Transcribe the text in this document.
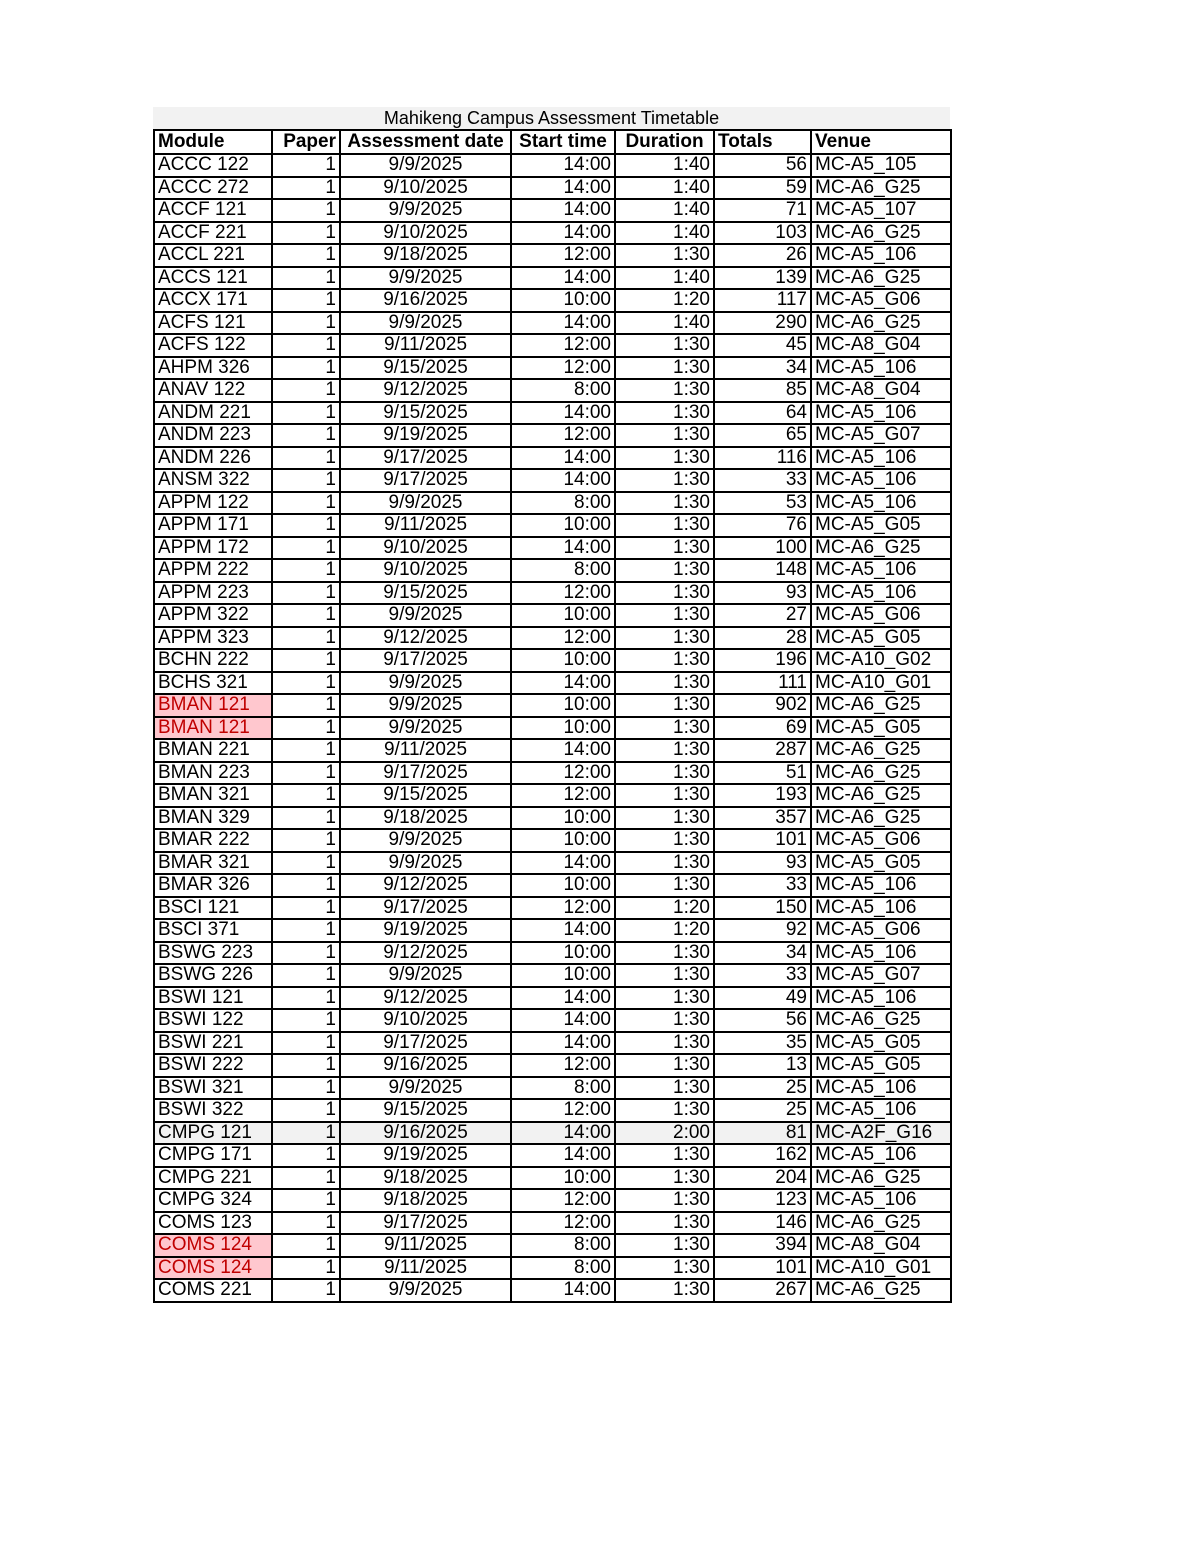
Mahikeng Campus Assessment Timetable
Module	Paper	Assessment date	Start time	Duration	Totals	Venue
ACCC 122	1	9/9/2025	14:00	1:40	56	MC-A5_105
ACCC 272	1	9/10/2025	14:00	1:40	59	MC-A6_G25
ACCF 121	1	9/9/2025	14:00	1:40	71	MC-A5_107
ACCF 221	1	9/10/2025	14:00	1:40	103	MC-A6_G25
ACCL 221	1	9/18/2025	12:00	1:30	26	MC-A5_106
ACCS 121	1	9/9/2025	14:00	1:40	139	MC-A6_G25
ACCX 171	1	9/16/2025	10:00	1:20	117	MC-A5_G06
ACFS 121	1	9/9/2025	14:00	1:40	290	MC-A6_G25
ACFS 122	1	9/11/2025	12:00	1:30	45	MC-A8_G04
AHPM 326	1	9/15/2025	12:00	1:30	34	MC-A5_106
ANAV 122	1	9/12/2025	8:00	1:30	85	MC-A8_G04
ANDM 221	1	9/15/2025	14:00	1:30	64	MC-A5_106
ANDM 223	1	9/19/2025	12:00	1:30	65	MC-A5_G07
ANDM 226	1	9/17/2025	14:00	1:30	116	MC-A5_106
ANSM 322	1	9/17/2025	14:00	1:30	33	MC-A5_106
APPM 122	1	9/9/2025	8:00	1:30	53	MC-A5_106
APPM 171	1	9/11/2025	10:00	1:30	76	MC-A5_G05
APPM 172	1	9/10/2025	14:00	1:30	100	MC-A6_G25
APPM 222	1	9/10/2025	8:00	1:30	148	MC-A5_106
APPM 223	1	9/15/2025	12:00	1:30	93	MC-A5_106
APPM 322	1	9/9/2025	10:00	1:30	27	MC-A5_G06
APPM 323	1	9/12/2025	12:00	1:30	28	MC-A5_G05
BCHN 222	1	9/17/2025	10:00	1:30	196	MC-A10_G02
BCHS 321	1	9/9/2025	14:00	1:30	111	MC-A10_G01
BMAN 121	1	9/9/2025	10:00	1:30	902	MC-A6_G25
BMAN 121	1	9/9/2025	10:00	1:30	69	MC-A5_G05
BMAN 221	1	9/11/2025	14:00	1:30	287	MC-A6_G25
BMAN 223	1	9/17/2025	12:00	1:30	51	MC-A6_G25
BMAN 321	1	9/15/2025	12:00	1:30	193	MC-A6_G25
BMAN 329	1	9/18/2025	10:00	1:30	357	MC-A6_G25
BMAR 222	1	9/9/2025	10:00	1:30	101	MC-A5_G06
BMAR 321	1	9/9/2025	14:00	1:30	93	MC-A5_G05
BMAR 326	1	9/12/2025	10:00	1:30	33	MC-A5_106
BSCI 121	1	9/17/2025	12:00	1:20	150	MC-A5_106
BSCI 371	1	9/19/2025	14:00	1:20	92	MC-A5_G06
BSWG 223	1	9/12/2025	10:00	1:30	34	MC-A5_106
BSWG 226	1	9/9/2025	10:00	1:30	33	MC-A5_G07
BSWI 121	1	9/12/2025	14:00	1:30	49	MC-A5_106
BSWI 122	1	9/10/2025	14:00	1:30	56	MC-A6_G25
BSWI 221	1	9/17/2025	14:00	1:30	35	MC-A5_G05
BSWI 222	1	9/16/2025	12:00	1:30	13	MC-A5_G05
BSWI 321	1	9/9/2025	8:00	1:30	25	MC-A5_106
BSWI 322	1	9/15/2025	12:00	1:30	25	MC-A5_106
CMPG 121	1	9/16/2025	14:00	2:00	81	MC-A2F_G16
CMPG 171	1	9/19/2025	14:00	1:30	162	MC-A5_106
CMPG 221	1	9/18/2025	10:00	1:30	204	MC-A6_G25
CMPG 324	1	9/18/2025	12:00	1:30	123	MC-A5_106
COMS 123	1	9/17/2025	12:00	1:30	146	MC-A6_G25
COMS 124	1	9/11/2025	8:00	1:30	394	MC-A8_G04
COMS 124	1	9/11/2025	8:00	1:30	101	MC-A10_G01
COMS 221	1	9/9/2025	14:00	1:30	267	MC-A6_G25
